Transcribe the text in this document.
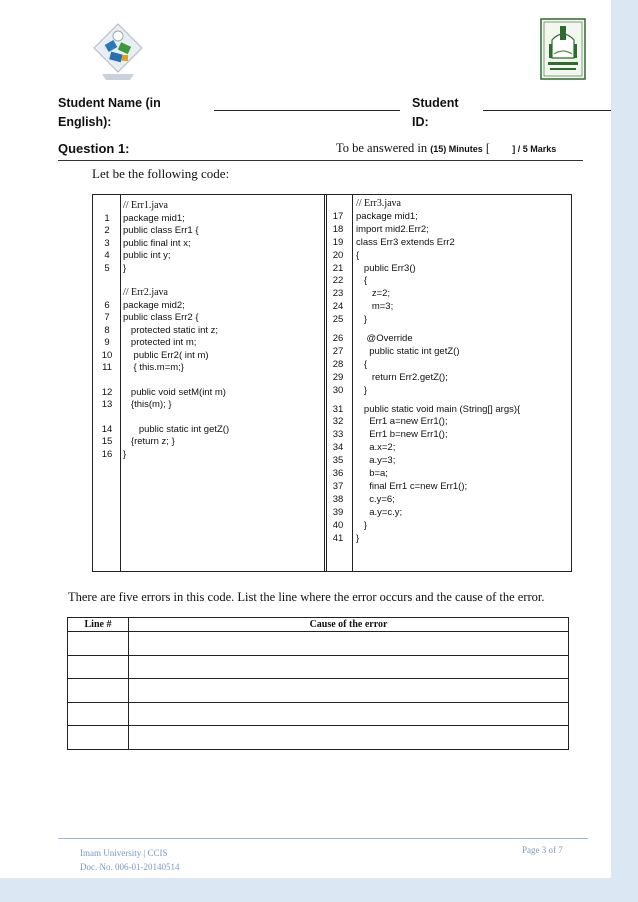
Student Name (in
English):
Student
ID:
Question 1:	To be answered in (15) Minutes [ ] / 5 Marks
Let be the following code:
// Err1.java
1	package mid1;
2	public class Err1 {
3	public final int x;
4	public int y;
5	}
// Err2.java
6	package mid2;
7	public class Err2 {
8	protected static int z;
9	protected int m;
10	public Err2( int m)
11	{ this.m=m;}
12	public void setM(int m)
13	{this(m); }
14	public static int getZ()
15	{return z; }
16	}
// Err3.java
17	package mid1;
18	import mid2.Err2;
19	class Err3 extends Err2
20	{
21	public Err3()
22	{
23	z=2;
24	m=3;
25	}
26	@Override
27	public static int getZ()
28	{
29	return Err2.getZ();
30	}
31	public static void main (String[] args){
32	Err1 a=new Err1();
33	Err1 b=new Err1();
34	a.x=2;
35	a.y=3;
36	b=a;
37	final Err1 c=new Err1();
38	c.y=6;
39	a.y=c.y;
40	}
41	}
There are five errors in this code. List the line where the error occurs and the cause of the error.
Line #	Cause of the error

Imam University | CCIS
Doc. No. 006-01-20140514
Page 3 of 7
